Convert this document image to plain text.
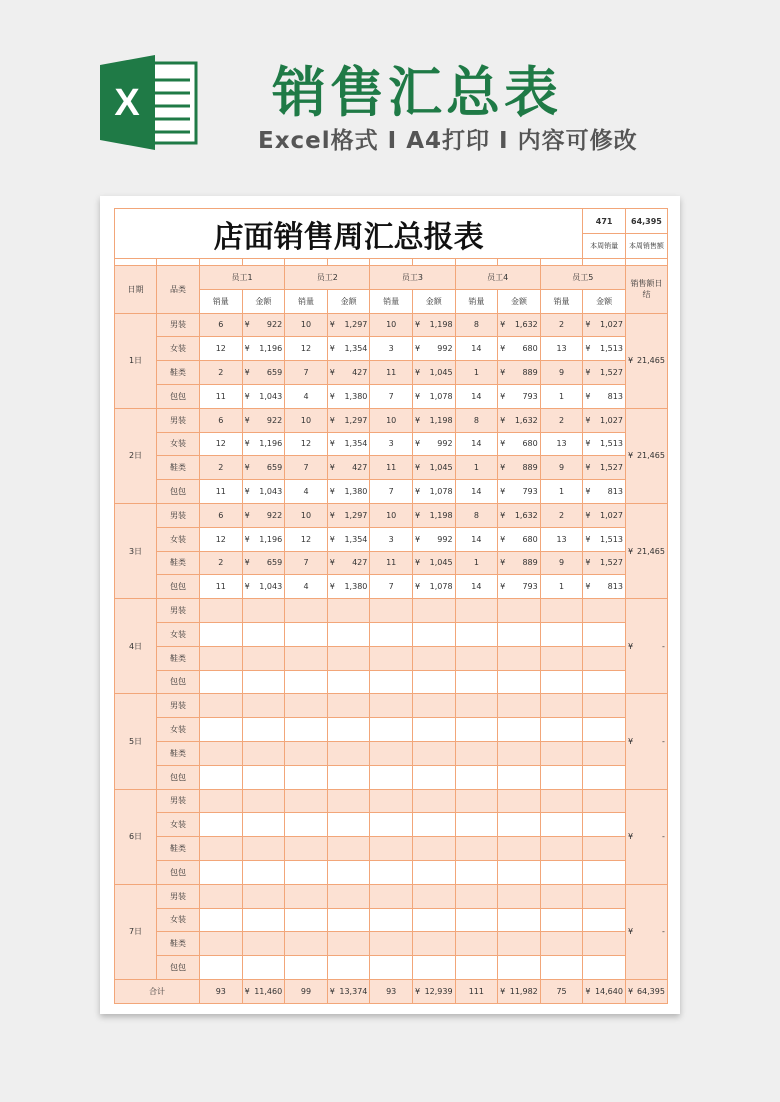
X 销售汇总表
Excel格式 I A4打印 I 内容可修改
店面销售周汇总报表											471	64,395
											本周销量	本周销售额

日期	品类	员工1		员工2		员工3		员工4		员工5		销售额日结
		销量	金额	销量	金额	销量	金额	销量	金额	销量	金额	
1日	男装	6	¥ 922	10	¥ 1,297	10	¥ 1,198	8	¥ 1,632	2	¥ 1,027	¥ 21,465

	女装	12	¥ 1,196	12	¥ 1,354	3	¥ 992	14	¥ 680	13	¥ 1,513	

	鞋类	2	¥ 659	7	¥ 427	11	¥ 1,045	1	¥ 889	9	¥ 1,527	

	包包	11	¥ 1,043	4	¥ 1,380	7	¥ 1,078	14	¥ 793	1	¥ 813	

2日	男装	6	¥ 922	10	¥ 1,297	10	¥ 1,198	8	¥ 1,632	2	¥ 1,027	¥ 21,465

	女装	12	¥ 1,196	12	¥ 1,354	3	¥ 992	14	¥ 680	13	¥ 1,513	

	鞋类	2	¥ 659	7	¥ 427	11	¥ 1,045	1	¥ 889	9	¥ 1,527	

	包包	11	¥ 1,043	4	¥ 1,380	7	¥ 1,078	14	¥ 793	1	¥ 813	

3日	男装	6	¥ 922	10	¥ 1,297	10	¥ 1,198	8	¥ 1,632	2	¥ 1,027	¥ 21,465

	女装	12	¥ 1,196	12	¥ 1,354	3	¥ 992	14	¥ 680	13	¥ 1,513	

	鞋类	2	¥ 659	7	¥ 427	11	¥ 1,045	1	¥ 889	9	¥ 1,527	

	包包	11	¥ 1,043	4	¥ 1,380	7	¥ 1,078	14	¥ 793	1	¥ 813	

4日	男装											¥ -

	女装											
	鞋类											
	包包											
5日	男装											¥ -

	女装											
	鞋类											
	包包											
6日	男装											¥ -

	女装											
	鞋类											
	包包											
7日	男装											¥ -

	女装											
	鞋类											
	包包											
合计		93	¥ 11,460	99	¥ 13,374	93	¥ 12,939	111	¥ 11,982	75	¥ 14,640	¥ 64,395
